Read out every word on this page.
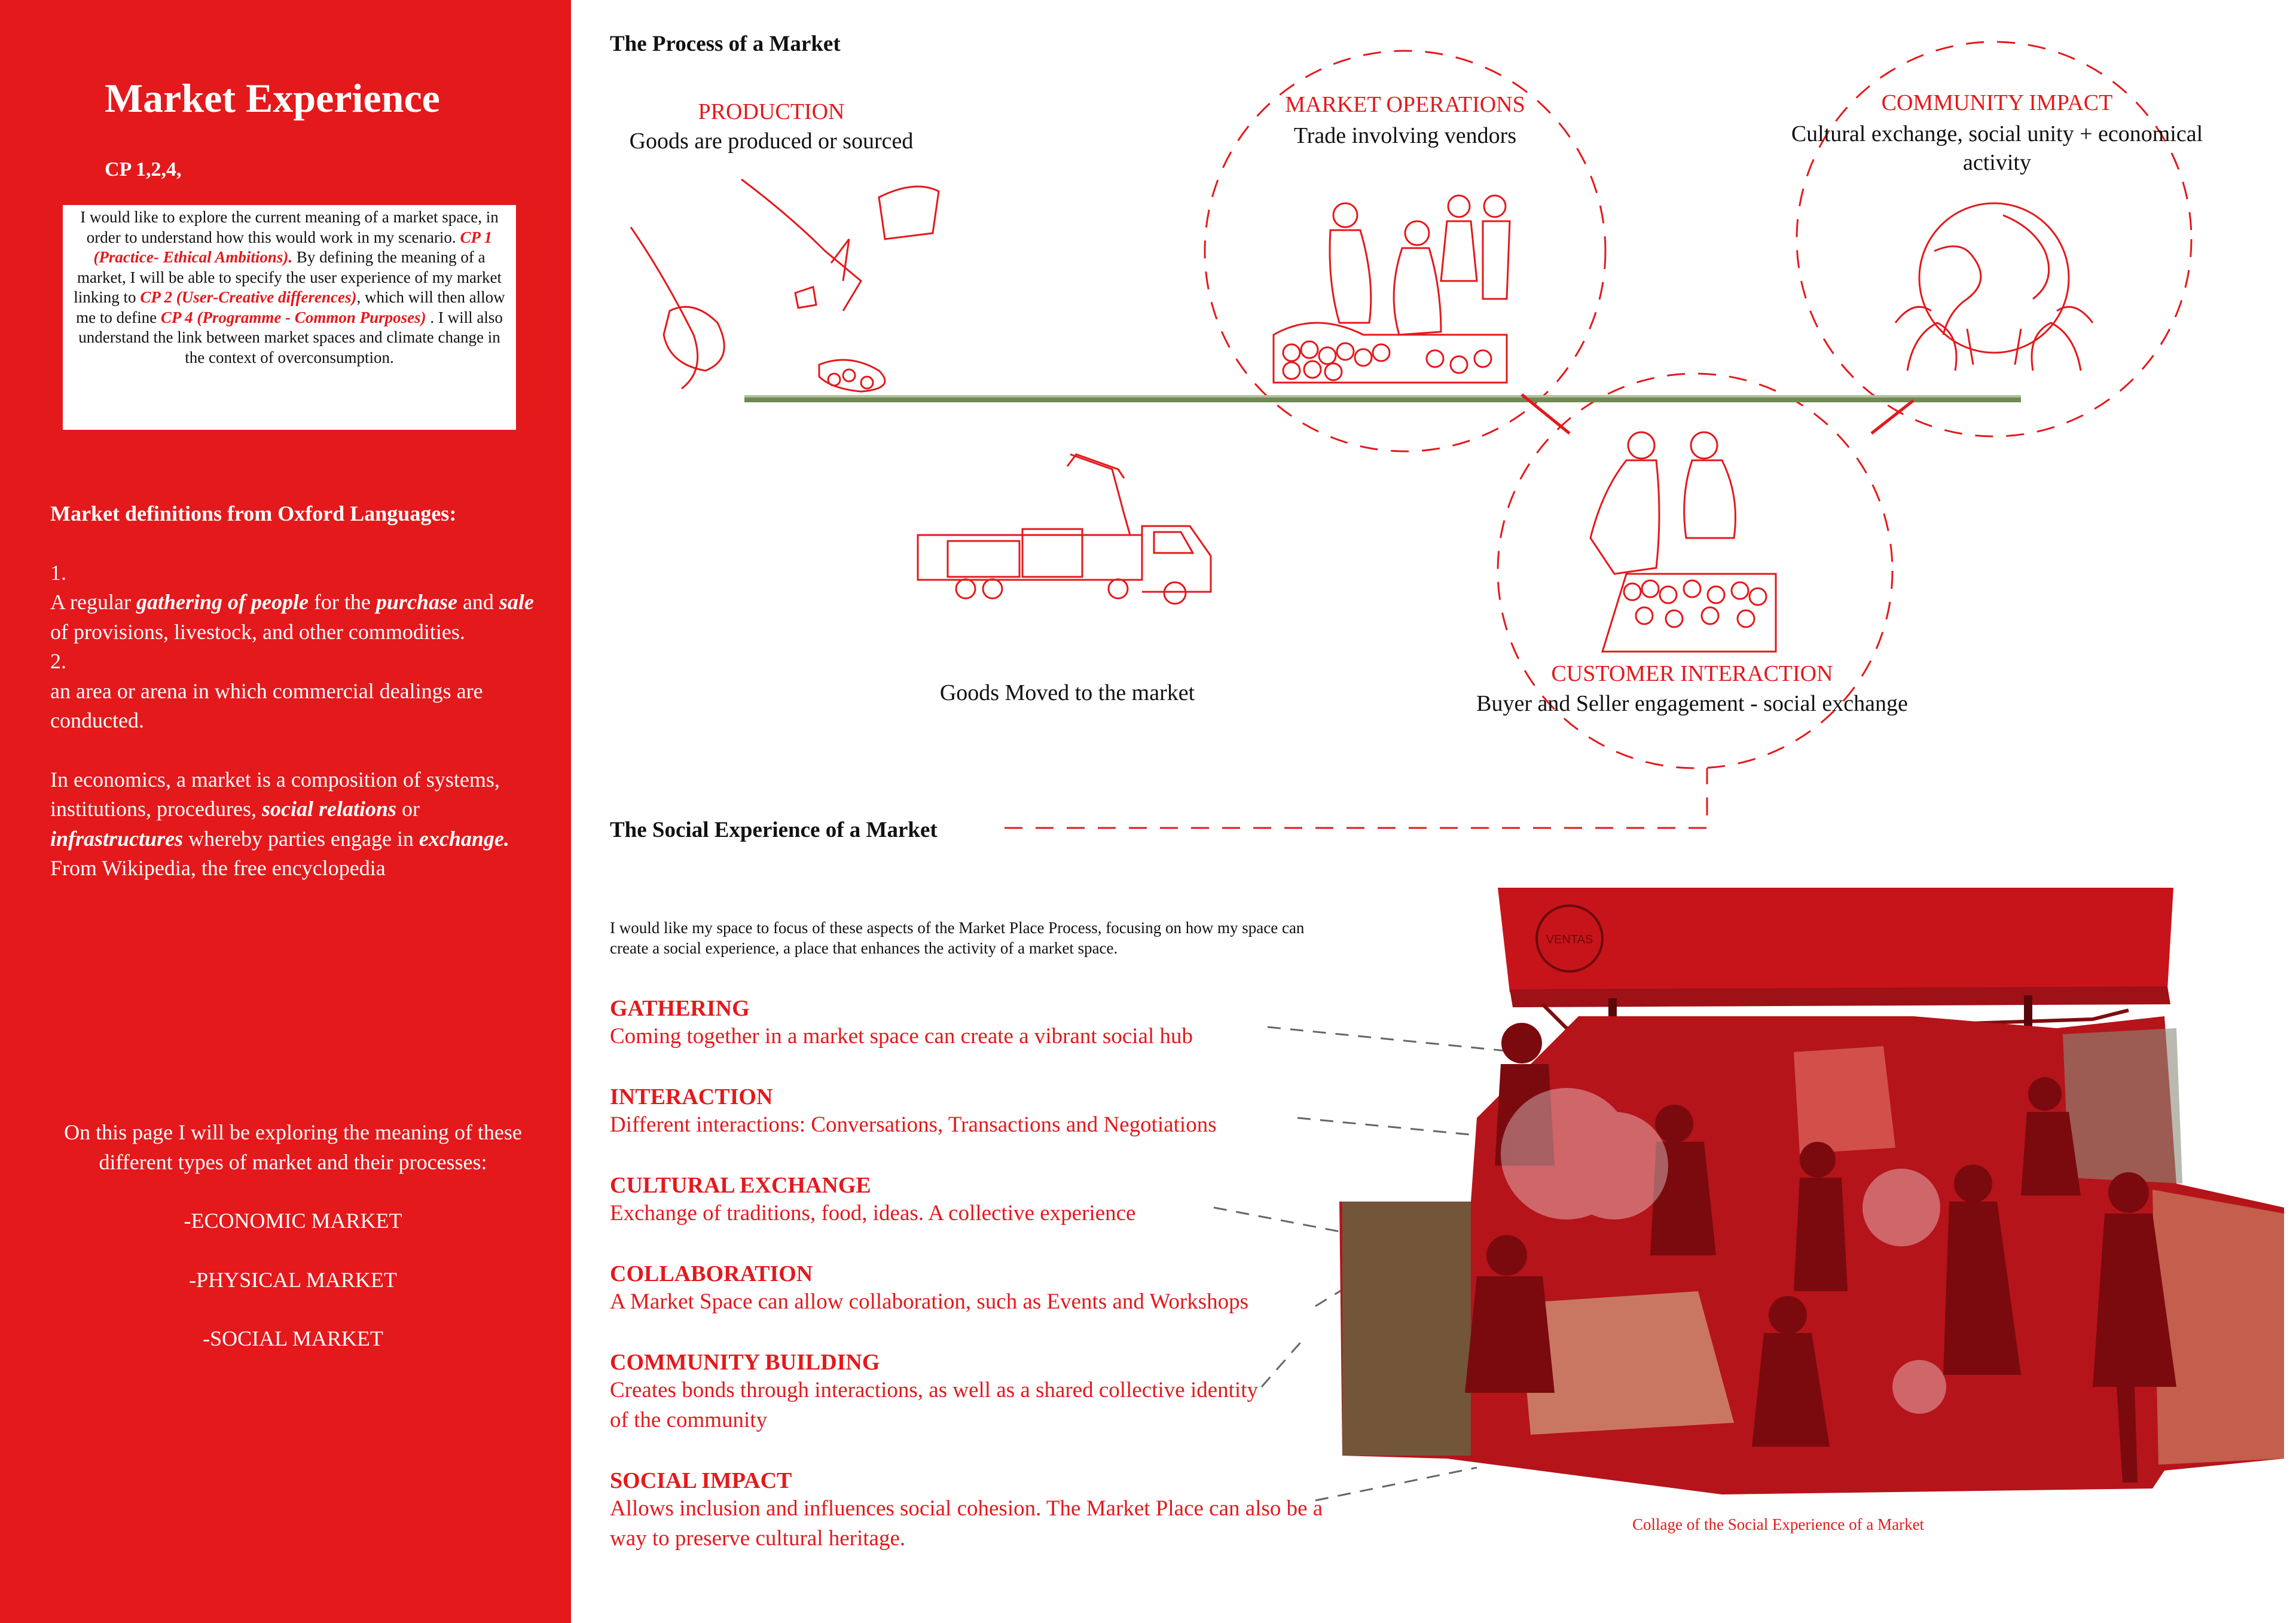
Market Experience
CP 1,2,4,
I would like to explore the current meaning of a market space, in order to understand how this would work in my scenario. CP 1 (Practice- Ethical Ambitions). By defining the meaning of a market, I will be able to specify the user experience of my market linking to CP 2 (User-Creative differences), which will then allow me to define CP 4 (Programme - Common Purposes) . I will also understand the link between market spaces and climate change in the context of overconsumption.
Market definitions from Oxford Languages:
1.
A regular gathering of people for the purchase and sale of provisions, livestock, and other commodities.
2.
an area or arena in which commercial dealings are conducted.
In economics, a market is a composition of systems, institutions, procedures, social relations or infrastructures whereby parties engage in exchange.
From Wikipedia, the free encyclopedia
On this page I will be exploring the meaning of these different types of market and their processes:
-ECONOMIC MARKET
-PHYSICAL MARKET
-SOCIAL MARKET
The Process of a Market
PRODUCTION
Goods are produced or sourced
MARKET OPERATIONS
Trade involving vendors
COMMUNITY IMPACT
Cultural exchange, social unity + economical activity
Goods Moved to the market
CUSTOMER INTERACTION
Buyer and Seller engagement - social exchange
The Social Experience of a Market
I would like my space to focus of these aspects of the Market Place Process, focusing on how my space can create a social experience, a place that enhances the activity of a market space.
GATHERING
Coming together in a market space can create a vibrant social hub
INTERACTION
Different interactions: Conversations, Transactions and Negotiations
CULTURAL EXCHANGE
Exchange of traditions, food, ideas. A collective experience
COLLABORATION
A Market Space can allow collaboration, such as Events and Workshops
COMMUNITY BUILDING
Creates bonds through interactions, as well as a shared collective identity of the community
SOCIAL IMPACT
Allows inclusion and influences social cohesion. The Market Place can also be a way to preserve cultural heritage.
VENTAS
Collage of the Social Experience of a Market
